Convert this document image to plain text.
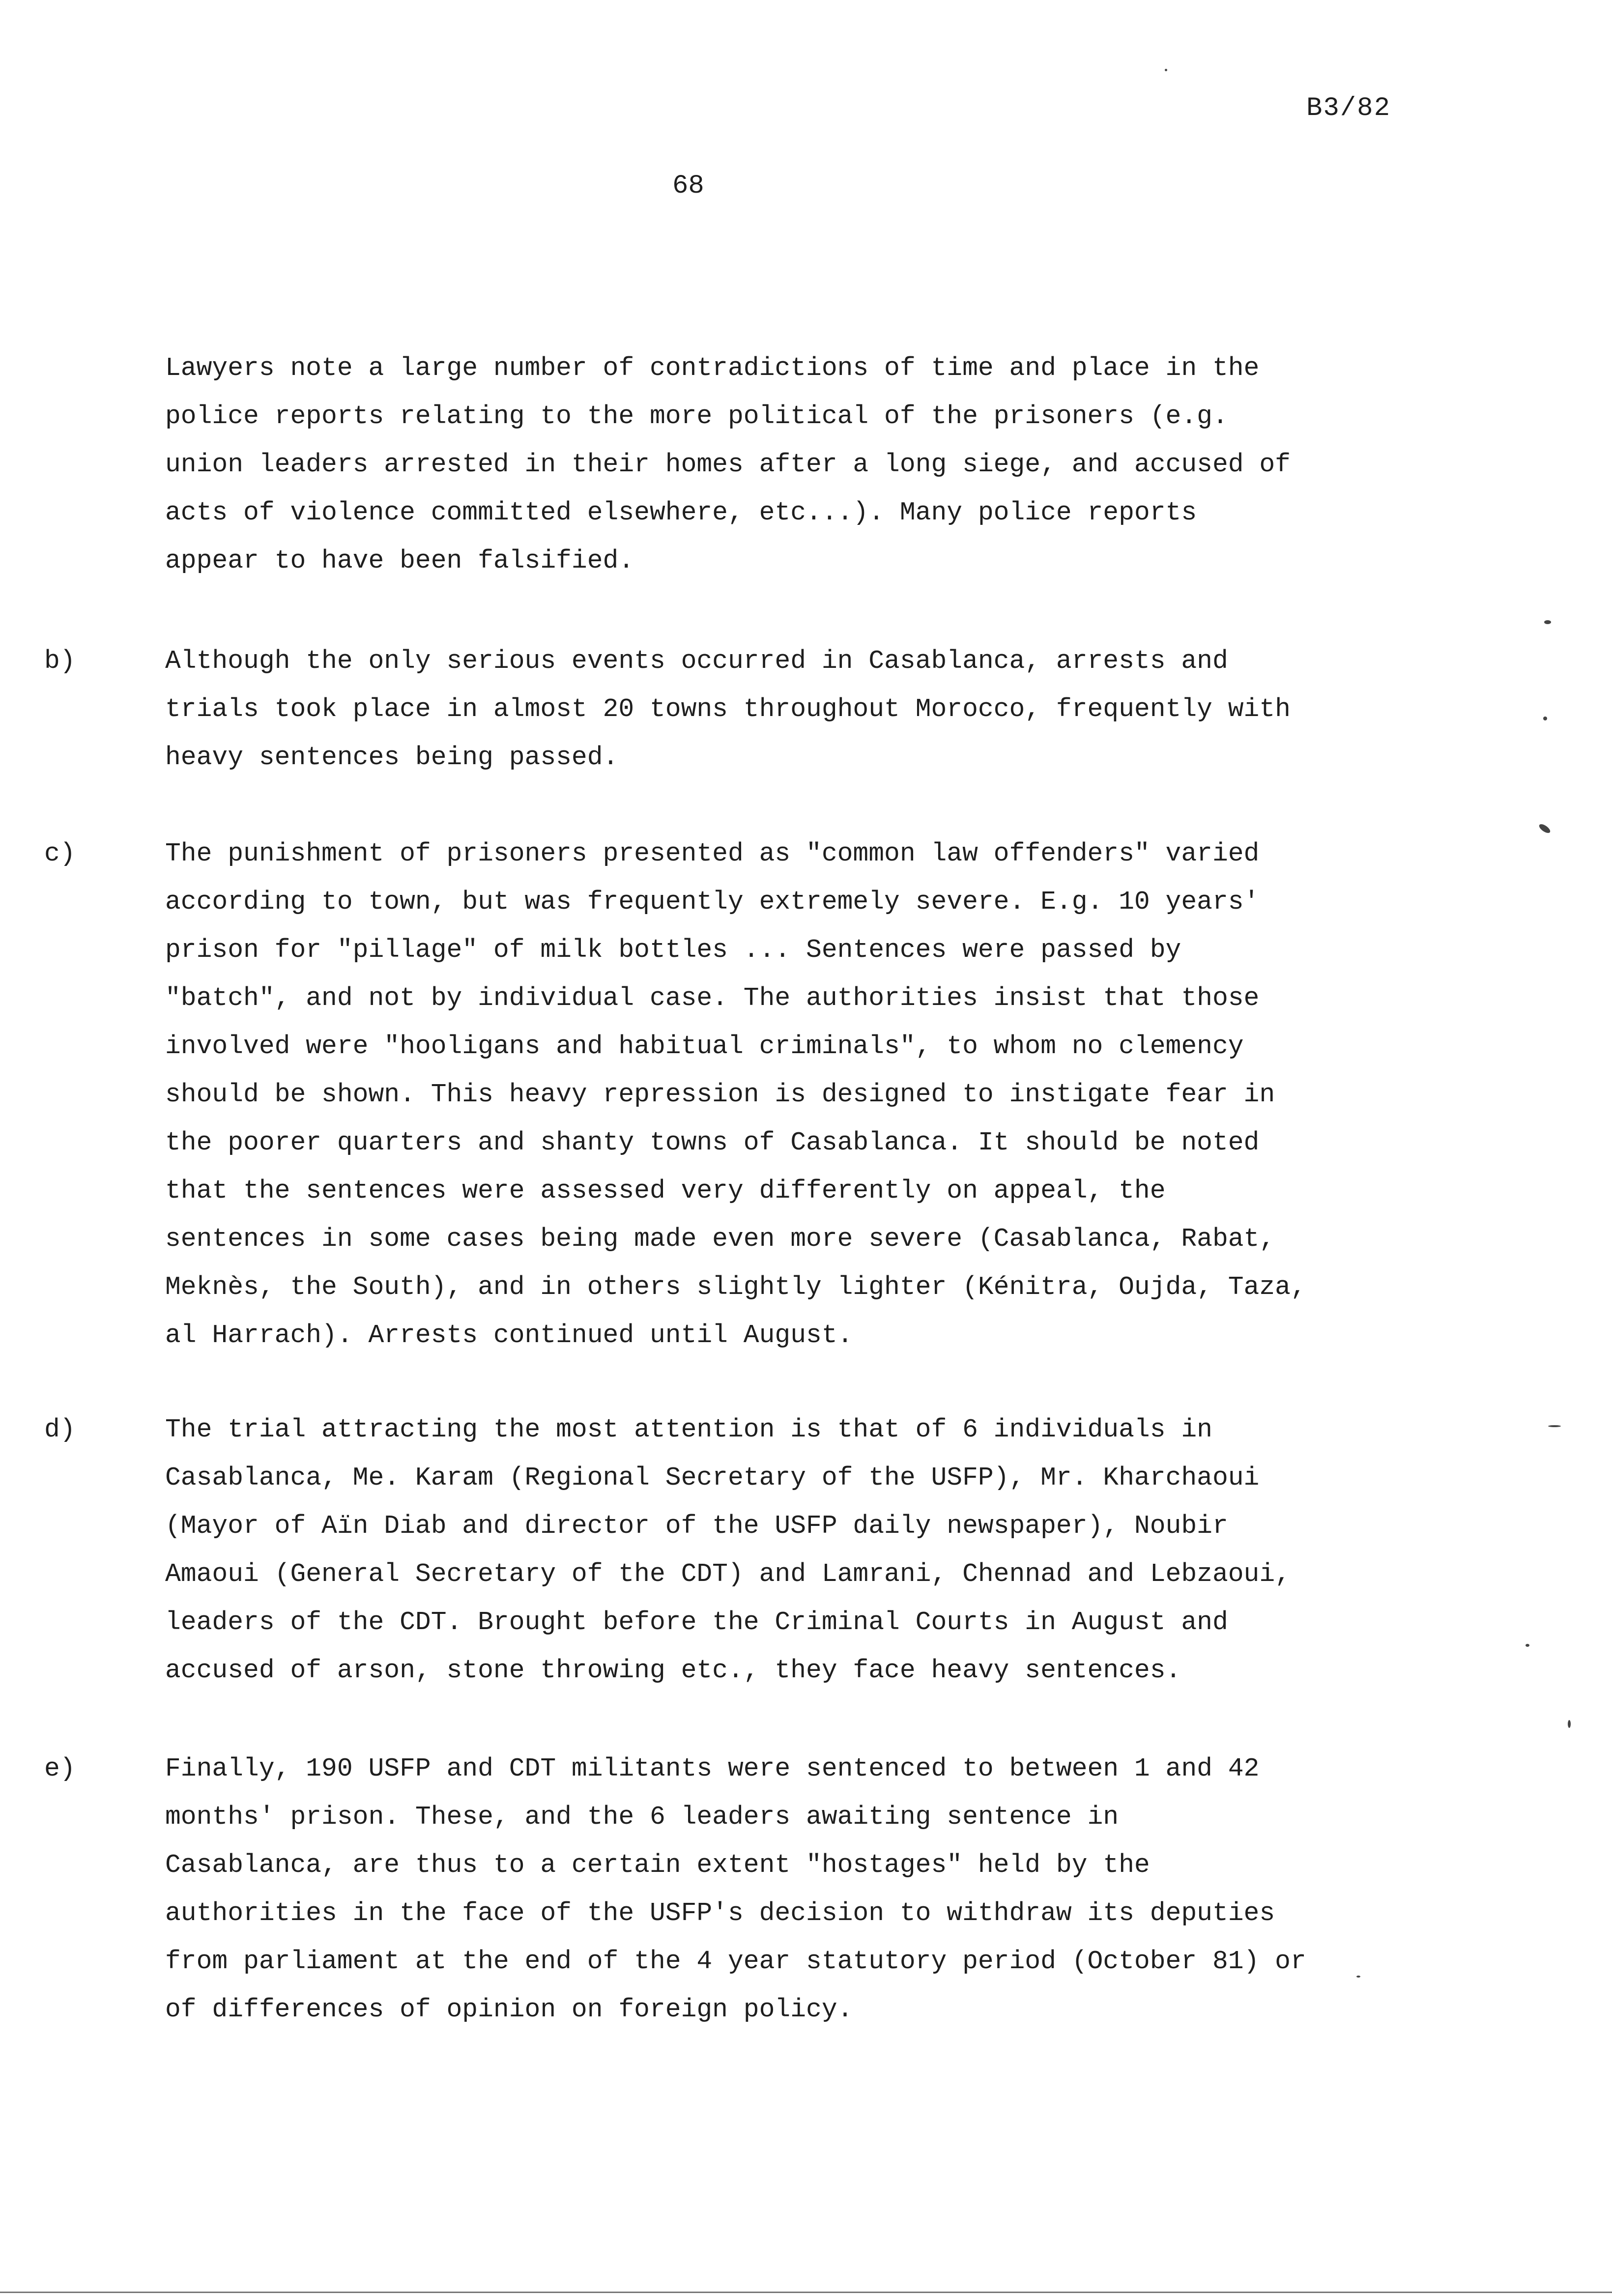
B3/82
68
Lawyers note a large number of contradictions of time and place in the
police reports relating to the more political of the prisoners (e.g.
union leaders arrested in their homes after a long siege, and accused of
acts of violence committed elsewhere, etc...). Many police reports
appear to have been falsified.
b)	Although the only serious events occurred in Casablanca, arrests and
trials took place in almost 20 towns throughout Morocco, frequently with
heavy sentences being passed.
c)	The punishment of prisoners presented as "common law offenders" varied
according to town, but was frequently extremely severe. E.g. 10 years'
prison for "pillage" of milk bottles ... Sentences were passed by
"batch", and not by individual case. The authorities insist that those
involved were "hooligans and habitual criminals", to whom no clemency
should be shown. This heavy repression is designed to instigate fear in
the poorer quarters and shanty towns of Casablanca. It should be noted
that the sentences were assessed very differently on appeal, the
sentences in some cases being made even more severe (Casablanca, Rabat,
Meknès, the South), and in others slightly lighter (Kénitra, Oujda, Taza,
al Harrach). Arrests continued until August.
d)	The trial attracting the most attention is that of 6 individuals in
Casablanca, Me. Karam (Regional Secretary of the USFP), Mr. Kharchaoui
(Mayor of Aïn Diab and director of the USFP daily newspaper), Noubir
Amaoui (General Secretary of the CDT) and Lamrani, Chennad and Lebzaoui,
leaders of the CDT. Brought before the Criminal Courts in August and
accused of arson, stone throwing etc., they face heavy sentences.
e)	Finally, 190 USFP and CDT militants were sentenced to between 1 and 42
months' prison. These, and the 6 leaders awaiting sentence in
Casablanca, are thus to a certain extent "hostages" held by the
authorities in the face of the USFP's decision to withdraw its deputies
from parliament at the end of the 4 year statutory period (October 81) or
of differences of opinion on foreign policy.
